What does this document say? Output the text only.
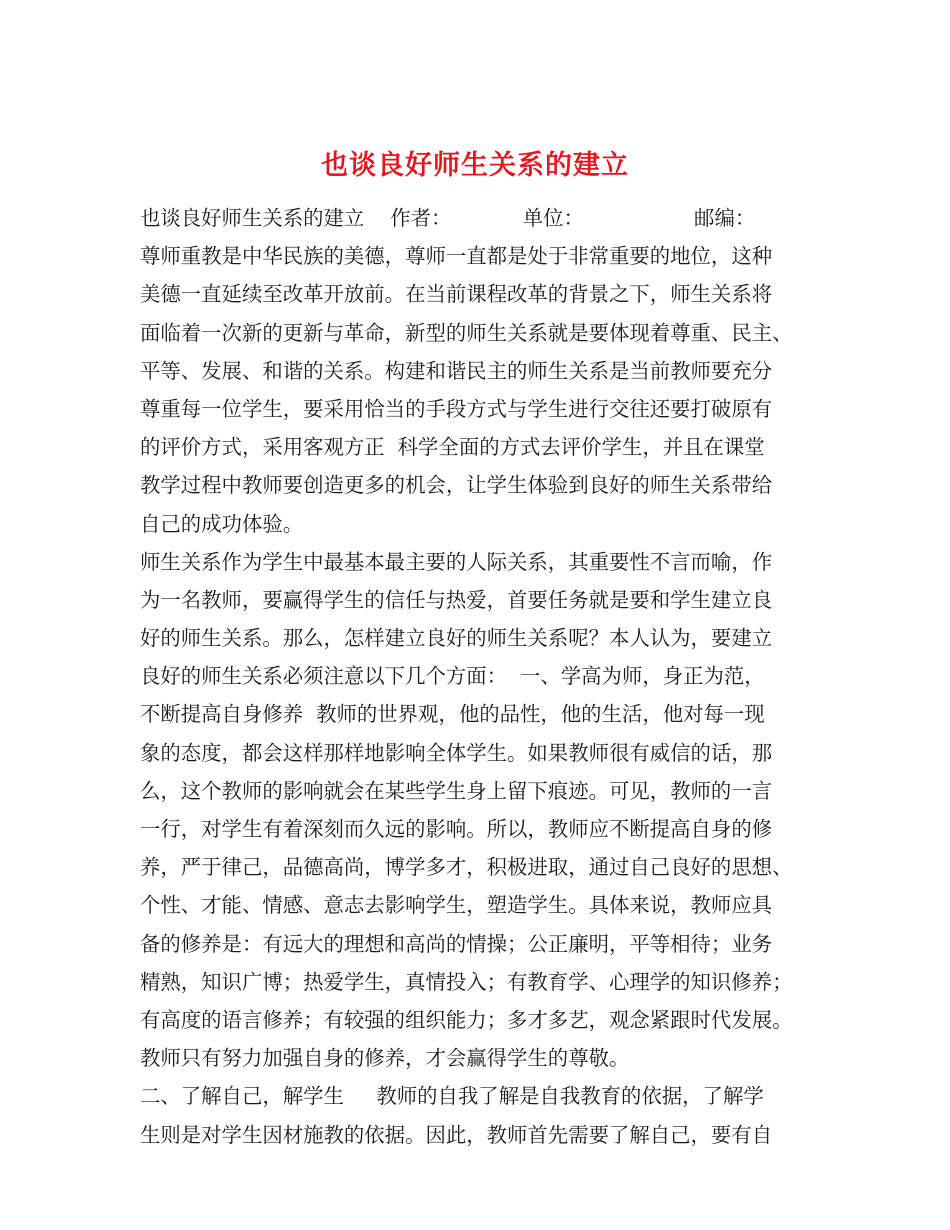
也谈良好师生关系的建立
也谈良好师生关系的建立    作者：           单位：                 邮编：
尊师重教是中华民族的美德，尊师一直都是处于非常重要的地位，这种
美德一直延续至改革开放前。在当前课程改革的背景之下，师生关系将
面临着一次新的更新与革命，新型的师生关系就是要体现着尊重、民主、
平等、发展、和谐的关系。构建和谐民主的师生关系是当前教师要充分
尊重每一位学生，要采用恰当的手段方式与学生进行交往还要打破原有
的评价方式，采用客观方正  科学全面的方式去评价学生，并且在课堂
教学过程中教师要创造更多的机会，让学生体验到良好的师生关系带给
自己的成功体验。
师生关系作为学生中最基本最主要的人际关系，其重要性不言而喻，作
为一名教师，要赢得学生的信任与热爱，首要任务就是要和学生建立良
好的师生关系。那么，怎样建立良好的师生关系呢？本人认为，要建立
良好的师生关系必须注意以下几个方面：  一、学高为师，身正为范，
不断提高自身修养  教师的世界观，他的品性，他的生活，他对每一现
象的态度，都会这样那样地影响全体学生。如果教师很有威信的话，那
么，这个教师的影响就会在某些学生身上留下痕迹。可见，教师的一言
一行，对学生有着深刻而久远的影响。所以，教师应不断提高自身的修
养，严于律己，品德高尚，博学多才，积极进取，通过自己良好的思想、
个性、才能、情感、意志去影响学生，塑造学生。具体来说，教师应具
备的修养是：有远大的理想和高尚的情操；公正廉明，平等相待；业务
精熟，知识广博；热爱学生，真情投入；有教育学、心理学的知识修养；
有高度的语言修养；有较强的组织能力；多才多艺，观念紧跟时代发展。
教师只有努力加强自身的修养，才会赢得学生的尊敬。
二、了解自己，解学生     教师的自我了解是自我教育的依据，了解学
生则是对学生因材施教的依据。因此，教师首先需要了解自己，要有自
